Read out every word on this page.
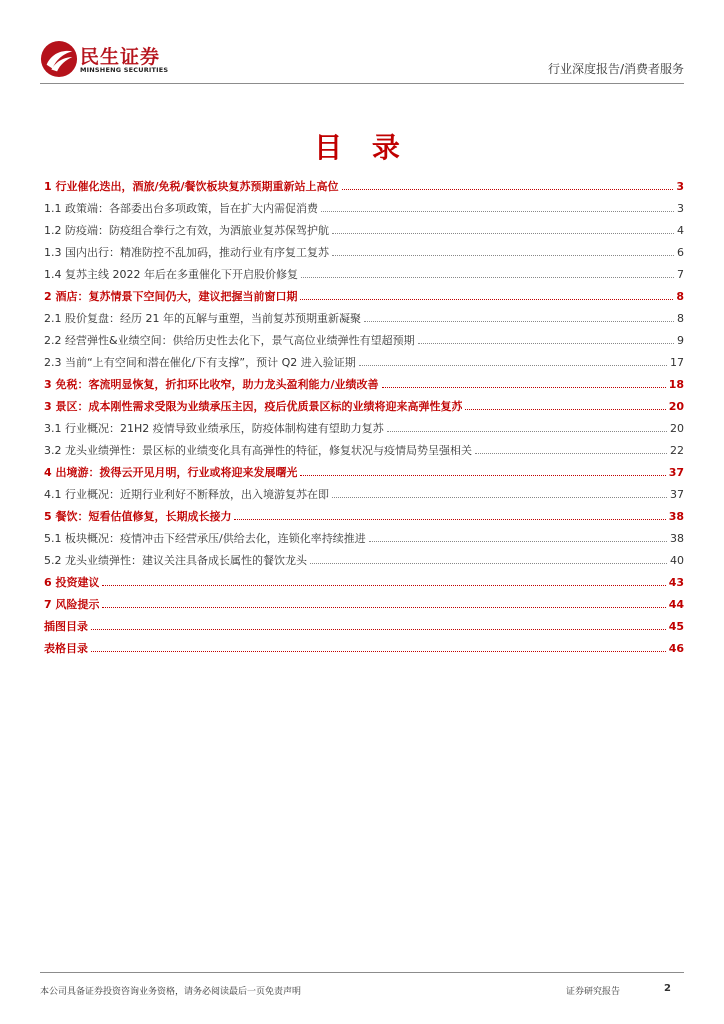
民生证券
MINSHENG SECURITIES	行业深度报告/消费者服务
目 录
1 行业催化迭出，酒旅/免税/餐饮板块复苏预期重新站上高位	3
1.1 政策端：各部委出台多项政策，旨在扩大内需促消费	3
1.2 防疫端：防疫组合拳行之有效，为酒旅业复苏保驾护航	4
1.3 国内出行：精准防控不乱加码，推动行业有序复工复苏	6
1.4 复苏主线 2022 年后在多重催化下开启股价修复	7
2 酒店：复苏情景下空间仍大，建议把握当前窗口期	8
2.1 股价复盘：经历 21 年的瓦解与重塑，当前复苏预期重新凝聚	8
2.2 经营弹性&业绩空间：供给历史性去化下，景气高位业绩弹性有望超预期	9
2.3 当前“上有空间和潜在催化/下有支撑”，预计 Q2 进入验证期	17
3 免税：客流明显恢复，折扣环比收窄，助力龙头盈利能力/业绩改善	18
3 景区：成本刚性需求受限为业绩承压主因，疫后优质景区标的业绩将迎来高弹性复苏	20
3.1 行业概况：21H2 疫情导致业绩承压，防疫体制构建有望助力复苏	20
3.2 龙头业绩弹性：景区标的业绩变化具有高弹性的特征，修复状况与疫情局势呈强相关	22
4 出境游：拨得云开见月明，行业或将迎来发展曙光	37
4.1 行业概况：近期行业利好不断释放，出入境游复苏在即	37
5 餐饮：短看估值修复，长期成长接力	38
5.1 板块概况：疫情冲击下经营承压/供给去化，连锁化率持续推进	38
5.2 龙头业绩弹性：建议关注具备成长属性的餐饮龙头	40
6 投资建议	43
7 风险提示	44
插图目录	45
表格目录	46
本公司具备证券投资咨询业务资格，请务必阅读最后一页免责声明	证券研究报告	2
